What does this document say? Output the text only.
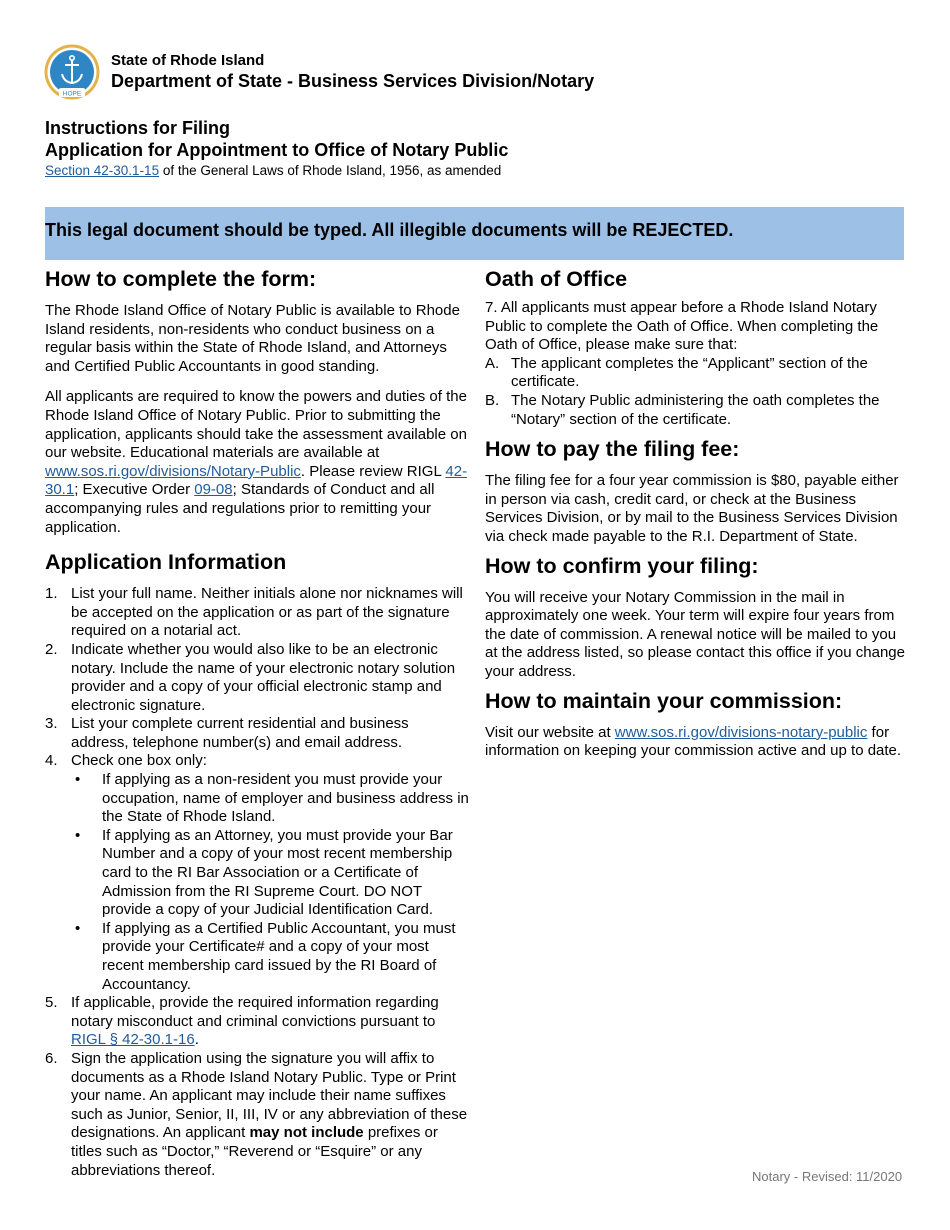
HOPE
State of Rhode Island
Department of State - Business Services Division/Notary
Instructions for Filing
Application for Appointment to Office of Notary Public
Section 42-30.1-15 of the General Laws of Rhode Island, 1956, as amended
This legal document should be typed. All illegible documents will be REJECTED.
How to complete the form:

The Rhode Island Office of Notary Public is available to Rhode Island residents, non-residents who conduct business on a regular basis within the State of Rhode Island, and Attorneys and Certified Public Accountants in good standing.

All applicants are required to know the powers and duties of the Rhode Island Office of Notary Public. Prior to submitting the application, applicants should take the assessment available on our website. Educational materials are available at www.sos.ri.gov/divisions/Notary-Public. Please review RIGL 42-30.1; Executive Order 09-08; Standards of Conduct and all accompanying rules and regulations prior to remitting your application.

Application Information
1. List your full name. Neither initials alone nor nicknames will be accepted on the application or as part of the signature required on a notarial act.
2. Indicate whether you would also like to be an electronic notary. Include the name of your electronic notary solution provider and a copy of your official electronic stamp and electronic signature.
3. List your complete current residential and business address, telephone number(s) and email address.
4. Check one box only:
• If applying as a non-resident you must provide your occupation, name of employer and business address in the State of Rhode Island.
• If applying as an Attorney, you must provide your Bar Number and a copy of your most recent membership card to the RI Bar Association or a Certificate of Admission from the RI Supreme Court. DO NOT provide a copy of your Judicial Identification Card.
• If applying as a Certified Public Accountant, you must provide your Certificate# and a copy of your most recent membership card issued by the RI Board of Accountancy.
5. If applicable, provide the required information regarding notary misconduct and criminal convictions pursuant to RIGL § 42-30.1-16.
6. Sign the application using the signature you will affix to documents as a Rhode Island Notary Public. Type or Print your name. An applicant may include their name suffixes such as Junior, Senior, II, III, IV or any abbreviation of these designations. An applicant may not include prefixes or titles such as “Doctor,” “Reverend or “Esquire” or any abbreviations thereof.
Oath of Office

7. All applicants must appear before a Rhode Island Notary Public to complete the Oath of Office. When completing the Oath of Office, please make sure that:

A. The applicant completes the “Applicant” section of the certificate.
B. The Notary Public administering the oath completes the “Notary” section of the certificate.
How to pay the filing fee:

The filing fee for a four year commission is $80, payable either in person via cash, credit card, or check at the Business Services Division, or by mail to the Business Services Division via check made payable to the R.I. Department of State.

How to confirm your filing:

You will receive your Notary Commission in the mail in approximately one week. Your term will expire four years from the date of commission. A renewal notice will be mailed to you at the address listed, so please contact this office if you change your address.

How to maintain your commission:

Visit our website at www.sos.ri.gov/divisions-notary-public for information on keeping your commission active and up to date.

Notary - Revised: 11/2020
